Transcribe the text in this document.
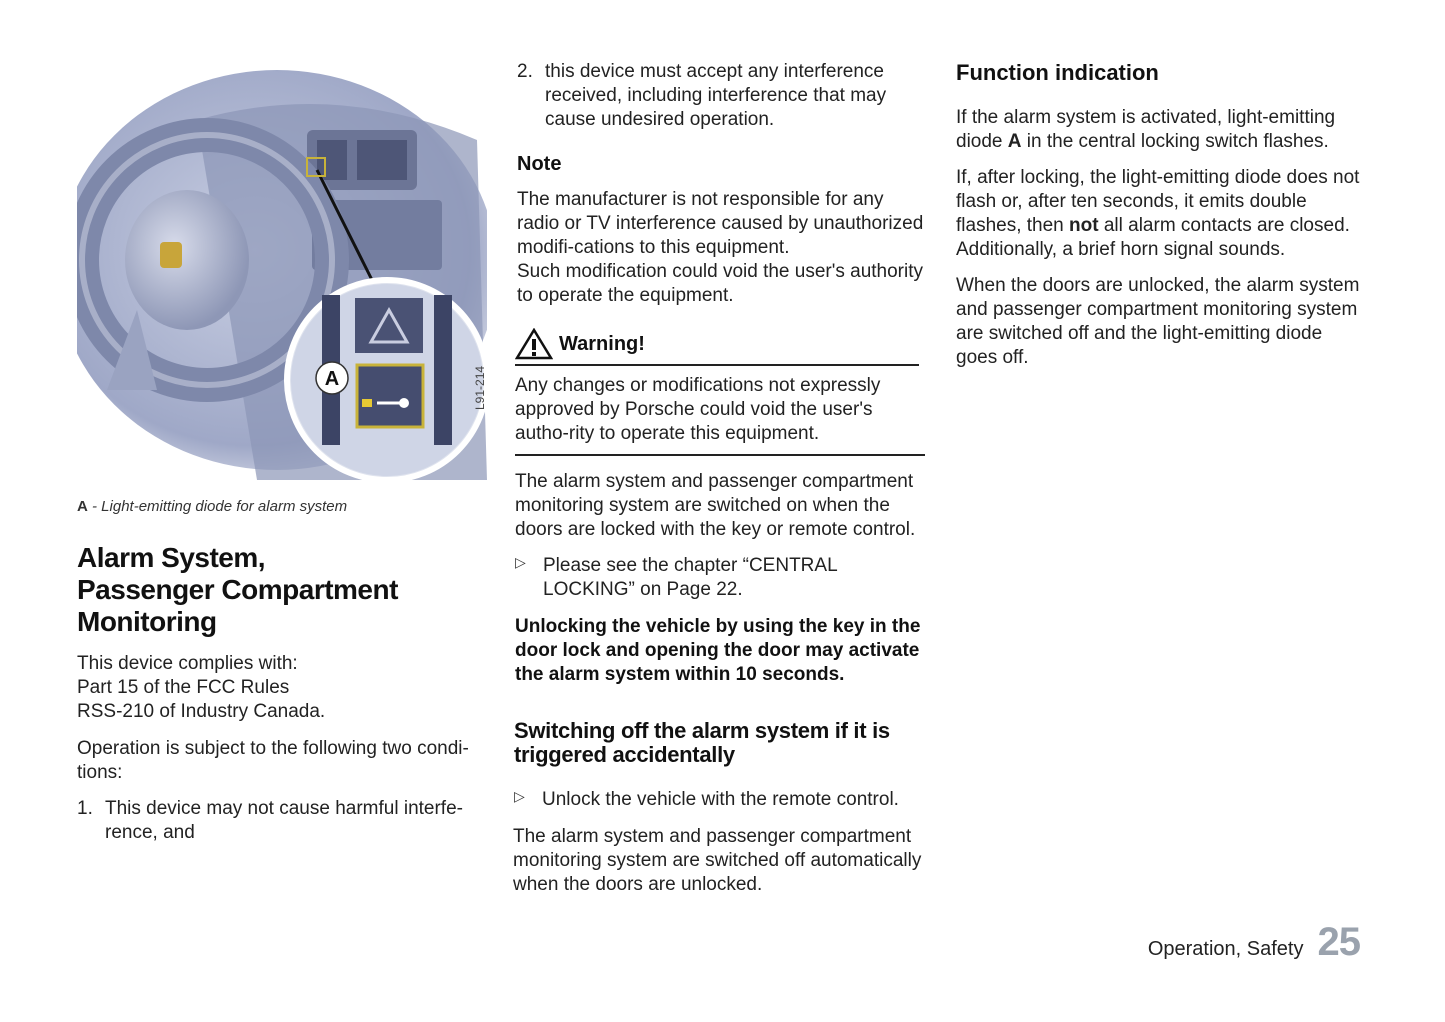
A	L91-214
A - Light-emitting diode for alarm system
Alarm System,
Passenger Compartment
Monitoring

This device complies with:

Part 15 of the FCC Rules

RSS-210 of Industry Canada.

Operation is subject to the following two condi-tions:

1. This device may not cause harmful interfe-rence, and
2. this device must accept any interference received, including interference that may cause undesired operation.

Note

The manufacturer is not responsible for any radio or TV interference caused by unauthorized modifi-cations to this equipment.

Such modification could void the user's authority to operate the equipment.

Warning!

Any changes or modifications not expressly approved by Porsche could void the user's autho-rity to operate this equipment.

The alarm system and passenger compartment monitoring system are switched on when the doors are locked with the key or remote control.

▷ Please see the chapter “CENTRAL LOCKING” on Page 22.

Unlocking the vehicle by using the key in the door lock and opening the door may activate the alarm system within 10 seconds.

Switching off the alarm system if it is triggered accidentally

▷ Unlock the vehicle with the remote control.

The alarm system and passenger compartment monitoring system are switched off automatically when the doors are unlocked.

Function indication

If the alarm system is activated, light-emitting diode A in the central locking switch flashes.

If, after locking, the light-emitting diode does not flash or, after ten seconds, it emits double flashes, then not all alarm contacts are closed. Additionally, a brief horn signal sounds.

When the doors are unlocked, the alarm system and passenger compartment monitoring system are switched off and the light-emitting diode goes off.

Operation, Safety 25
